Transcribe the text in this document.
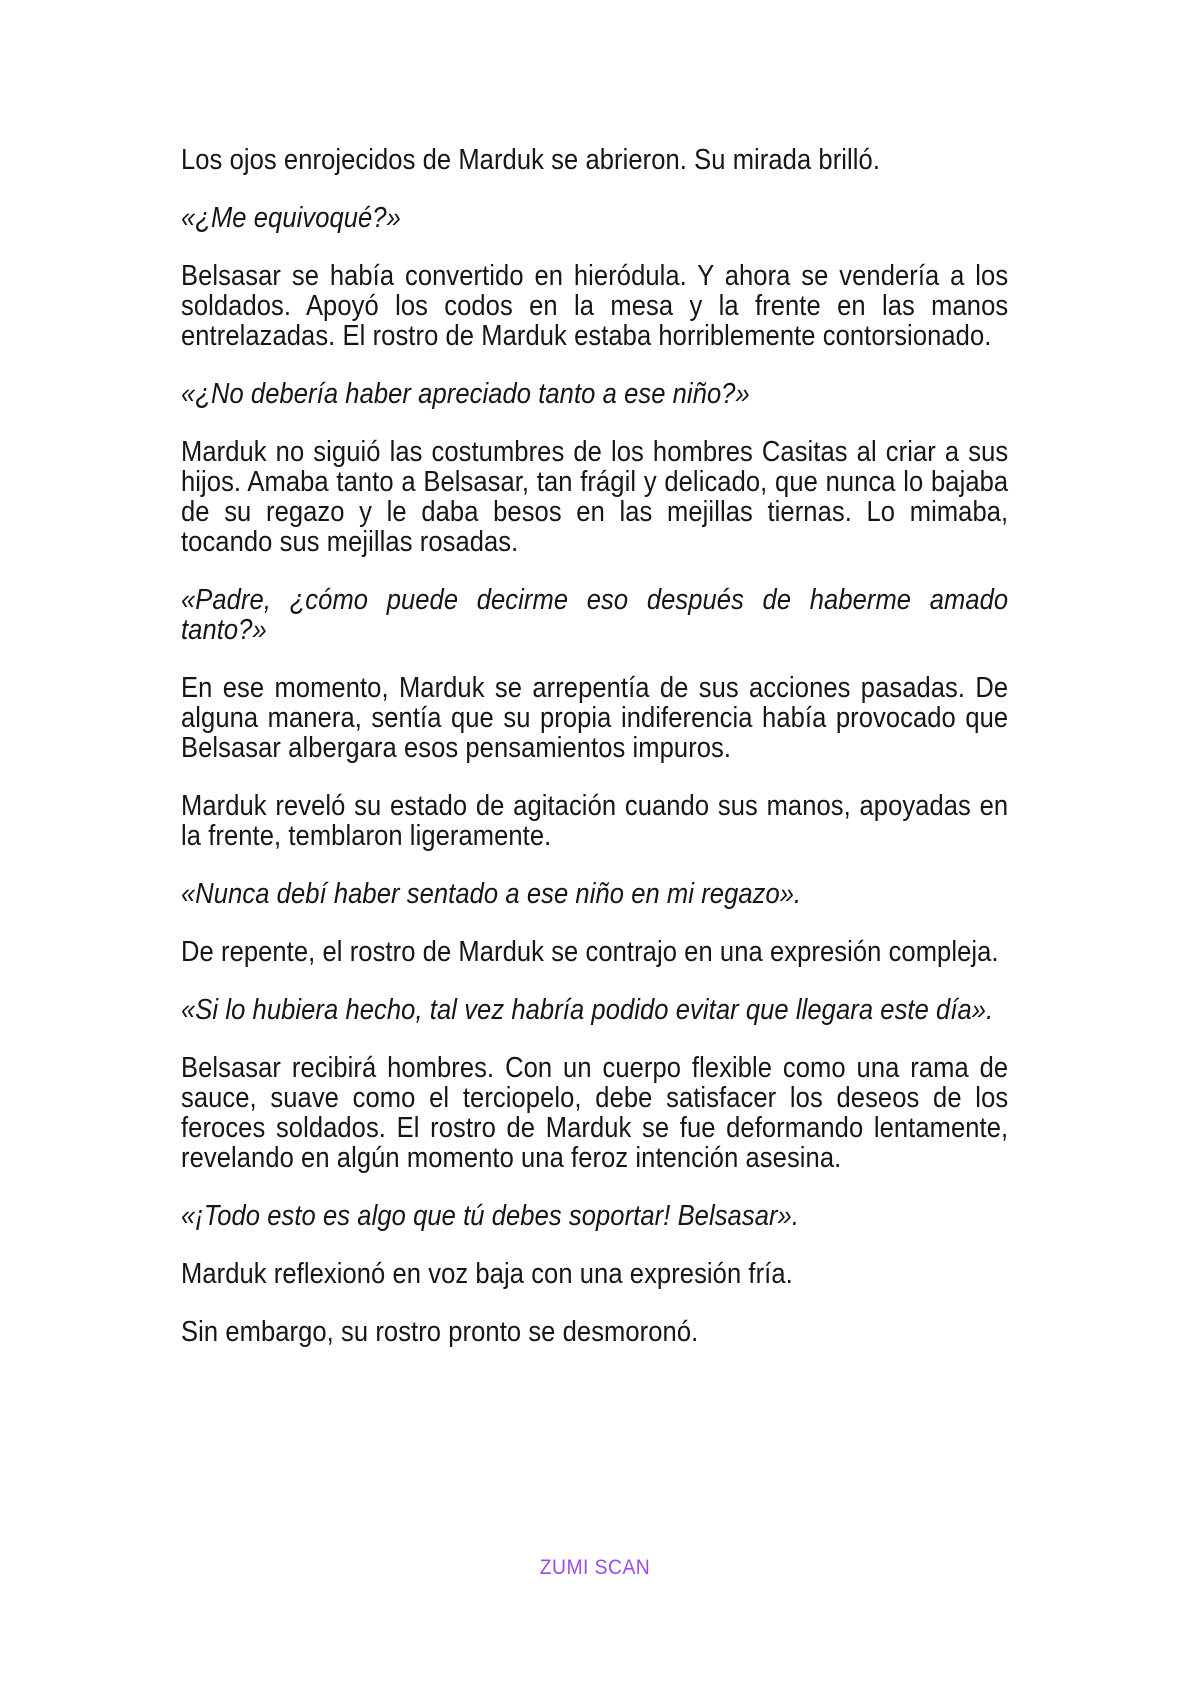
Los ojos enrojecidos de Marduk se abrieron. Su mirada brilló.

«¿Me equivoqué?»

Belsasar se había convertido en hieródula. Y ahora se vendería a los soldados. Apoyó los codos en la mesa y la frente en las manos entrelazadas. El rostro de Marduk estaba horriblemente contorsionado.

«¿No debería haber apreciado tanto a ese niño?»

Marduk no siguió las costumbres de los hombres Casitas al criar a sus hijos. Amaba tanto a Belsasar, tan frágil y delicado, que nunca lo bajaba de su regazo y le daba besos en las mejillas tiernas. Lo mimaba, tocando sus mejillas rosadas.

«Padre, ¿cómo puede decirme eso después de haberme amado tanto?»

En ese momento, Marduk se arrepentía de sus acciones pasadas. De alguna manera, sentía que su propia indiferencia había provocado que Belsasar albergara esos pensamientos impuros.

Marduk reveló su estado de agitación cuando sus manos, apoyadas en la frente, temblaron ligeramente.

«Nunca debí haber sentado a ese niño en mi regazo».

De repente, el rostro de Marduk se contrajo en una expresión compleja.

«Si lo hubiera hecho, tal vez habría podido evitar que llegara este día».

Belsasar recibirá hombres. Con un cuerpo flexible como una rama de sauce, suave como el terciopelo, debe satisfacer los deseos de los feroces soldados. El rostro de Marduk se fue deformando lentamente, revelando en algún momento una feroz intención asesina.

«¡Todo esto es algo que tú debes soportar! Belsasar».

Marduk reflexionó en voz baja con una expresión fría.

Sin embargo, su rostro pronto se desmoronó.

ZUMI SCAN
